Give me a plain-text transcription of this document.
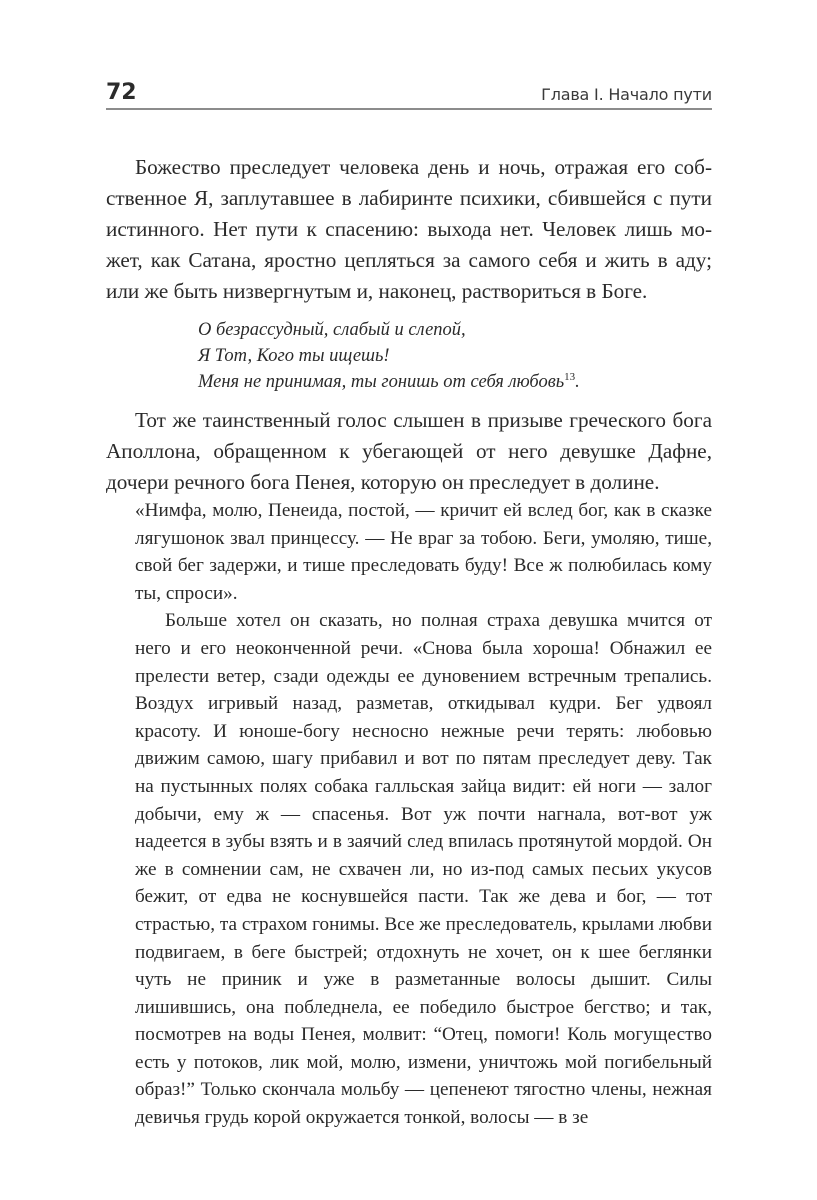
72	Глава I. Начало пути

Божество преследует человека день и ночь, отражая его собственное Я, заплутавшее в лабиринте психики, сбившейся с пути истинного. Нет пути к спасению: выхода нет. Человек лишь может, как Сатана, яростно цепляться за самого себя и жить в аду; или же быть низвергнутым и, наконец, раствориться в Боге.

О безрассудный, слабый и слепой,
Я Тот, Кого ты ищешь!
Меня не принимая, ты гонишь от себя любовь$^{13}$.

Тот же таинственный голос слышен в призыве греческого бога Аполлона, обращенном к убегающей от него девушке Дафне, дочери речного бога Пенея, которую он преследует в долине.

«Нимфа, молю, Пенеида, постой, — кричит ей вслед бог, как в сказке лягушонок звал принцессу. — Не враг за тобою. Беги, умоляю, тише, свой бег задержи, и тише преследовать буду! Все ж полюбилась кому ты, спроси».

Больше хотел он сказать, но полная страха девушка мчится от него и его неоконченной речи. «Снова была хороша! Обнажил ее прелести ветер, сзади одежды ее дуновением встречным трепались. Воздух игривый назад, разметав, откидывал кудри. Бег удвоял красоту. И юноше-богу несносно нежные речи терять: любовью движим самою, шагу прибавил и вот по пятам преследует деву. Так на пустынных полях собака галльская зайца видит: ей ноги — залог добычи, ему ж — спасенья. Вот уж почти нагнала, вот-вот уж надеется в зубы взять и в заячий след впилась протянутой мордой. Он же в сомнении сам, не схвачен ли, но из-под самых песьих укусов бежит, от едва не коснувшейся пасти. Так же дева и бог, — тот страстью, та страхом гонимы. Все же преследователь, крылами любви подвигаем, в беге быстрей; отдохнуть не хочет, он к шее беглянки чуть не приник и уже в разметанные волосы дышит. Силы лишившись, она побледнела, ее победило быстрое бегство; и так, посмотрев на воды Пенея, молвит: “Отец, помоги! Коль могущество есть у потоков, лик мой, молю, измени, уничтожь мой погибельный образ!” Только скончала мольбу — цепенеют тягостно члены, нежная девичья грудь корой окружается тонкой, волосы — в зе
